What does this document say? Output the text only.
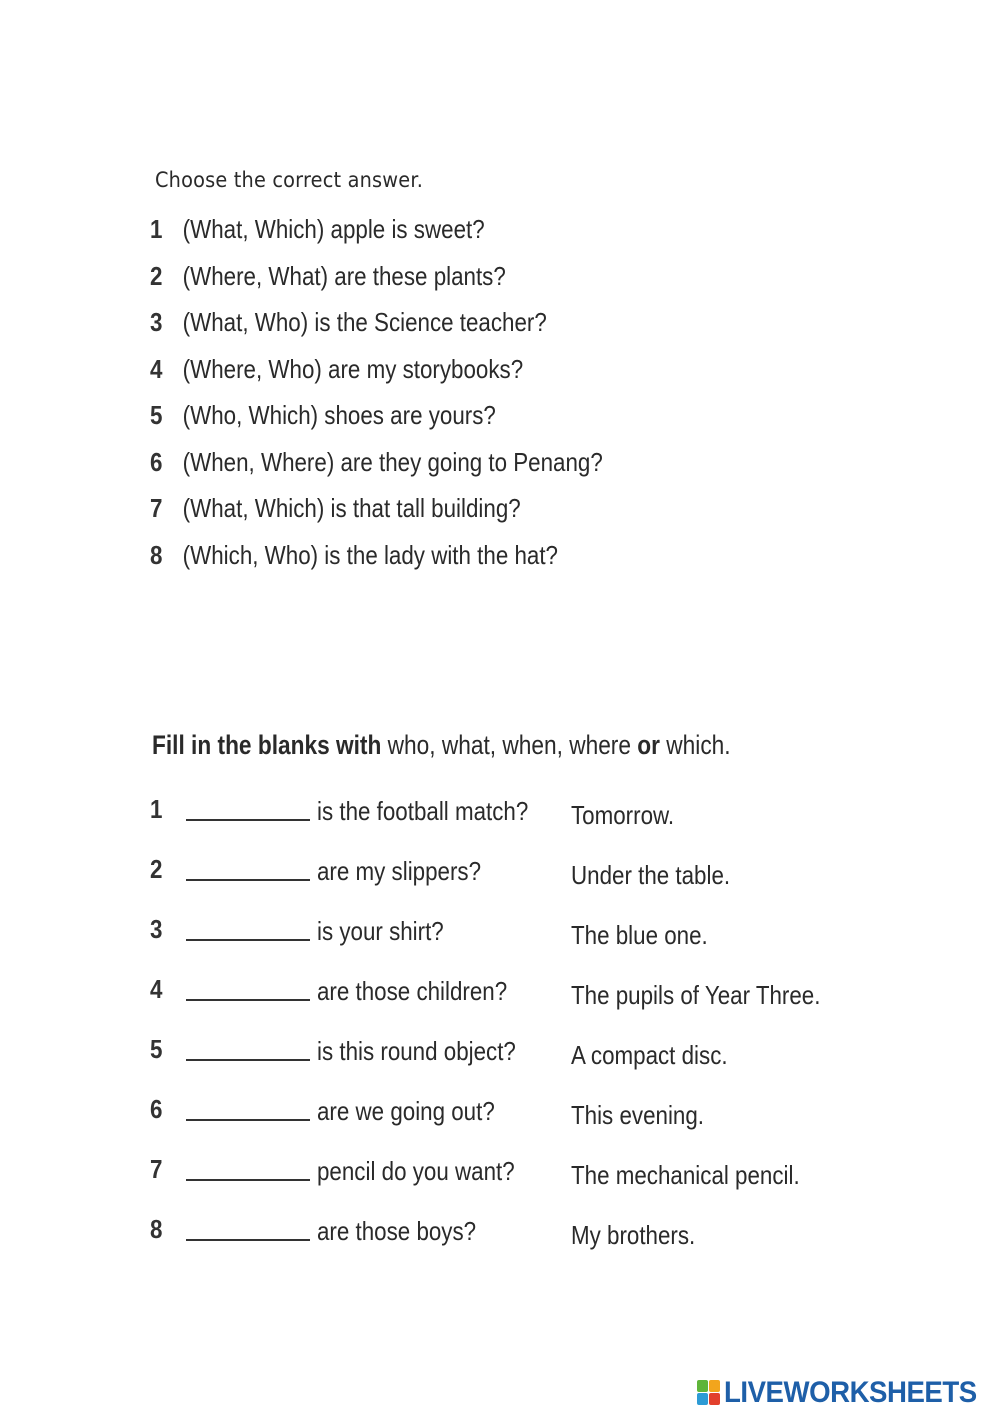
Choose the correct answer.
1 (What, Which) apple is sweet?
2 (Where, What) are these plants?
3 (What, Who) is the Science teacher?
4 (Where, Who) are my storybooks?
5 (Who, Which) shoes are yours?
6 (When, Where) are they going to Penang?
7 (What, Which) is that tall building?
8 (Which, Who) is the lady with the hat?
Fill in the blanks with who, what, when, where or which.
1	is the football match? Tomorrow.
2	are my slippers?	Under the table.
3	is your shirt?	The blue one.
4	are those children? The pupils of Year Three.
5	is this round object? A compact disc.
6	are we going out?	This evening.
7	pencil do you want? The mechanical pencil.
8	are those boys?	My brothers.
LIVEWORKSHEETS
